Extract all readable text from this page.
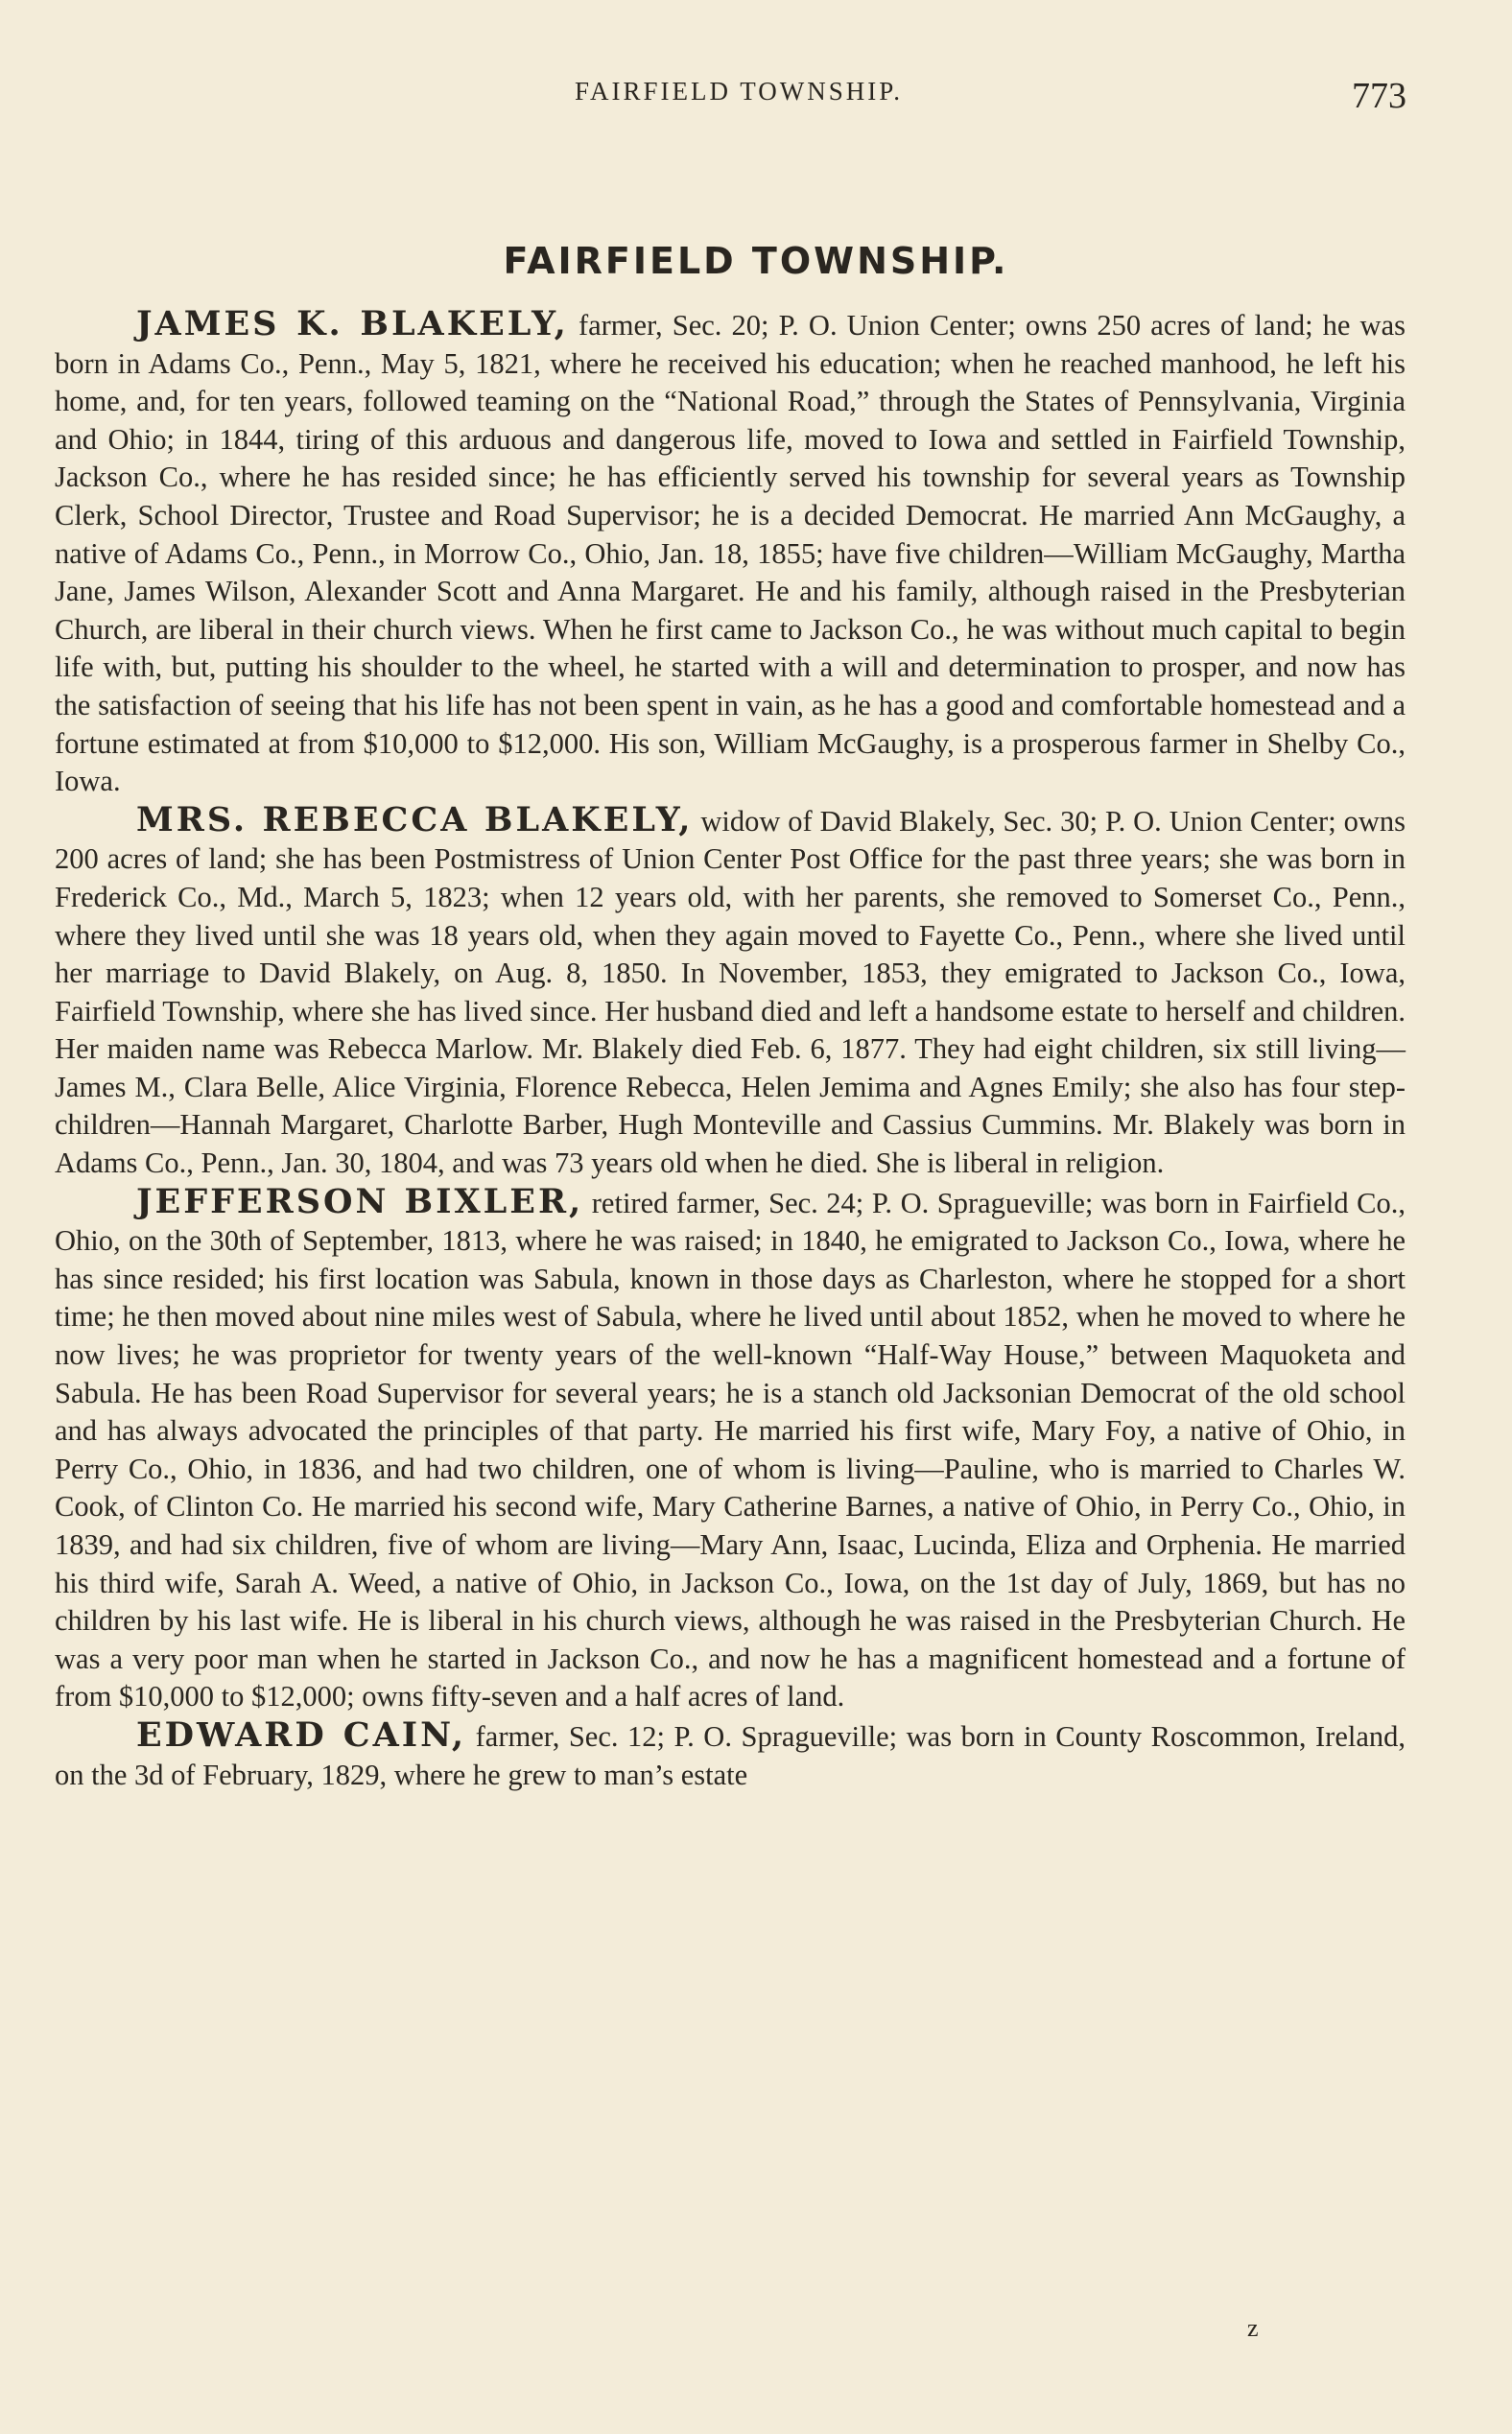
FAIRFIELD TOWNSHIP.	773
FAIRFIELD TOWNSHIP.

JAMES K. BLAKELY, farmer, Sec. 20; P. O. Union Center; owns 250 acres of land; he was born in Adams Co., Penn., May 5, 1821, where he received his education; when he reached manhood, he left his home, and, for ten years, followed teaming on the “National Road,” through the States of Pennsylvania, Virginia and Ohio; in 1844, tiring of this arduous and dangerous life, moved to Iowa and settled in Fairfield Township, Jackson Co., where he has resided since; he has efficiently served his township for several years as Township Clerk, School Director, Trustee and Road Supervisor; he is a decided Democrat. He married Ann McGaughy, a native of Adams Co., Penn., in Morrow Co., Ohio, Jan. 18, 1855; have five children—William McGaughy, Martha Jane, James Wilson, Alexander Scott and Anna Margaret. He and his family, although raised in the Presbyterian Church, are liberal in their church views. When he first came to Jackson Co., he was without much capital to begin life with, but, putting his shoulder to the wheel, he started with a will and determination to prosper, and now has the satisfaction of seeing that his life has not been spent in vain, as he has a good and comfortable homestead and a fortune estimated at from $10,000 to $12,000. His son, William McGaughy, is a prosperous farmer in Shelby Co., Iowa.

MRS. REBECCA BLAKELY, widow of David Blakely, Sec. 30; P. O. Union Center; owns 200 acres of land; she has been Postmistress of Union Center Post Office for the past three years; she was born in Frederick Co., Md., March 5, 1823; when 12 years old, with her parents, she removed to Somerset Co., Penn., where they lived until she was 18 years old, when they again moved to Fayette Co., Penn., where she lived until her marriage to David Blakely, on Aug. 8, 1850. In November, 1853, they emigrated to Jackson Co., Iowa, Fairfield Township, where she has lived since. Her husband died and left a handsome estate to herself and children. Her maiden name was Rebecca Marlow. Mr. Blakely died Feb. 6, 1877. They had eight children, six still living—James M., Clara Belle, Alice Virginia, Florence Rebecca, Helen Jemima and Agnes Emily; she also has four step-children—Hannah Margaret, Charlotte Barber, Hugh Monteville and Cassius Cummins. Mr. Blakely was born in Adams Co., Penn., Jan. 30, 1804, and was 73 years old when he died. She is liberal in religion.

JEFFERSON BIXLER, retired farmer, Sec. 24; P. O. Spragueville; was born in Fairfield Co., Ohio, on the 30th of September, 1813, where he was raised; in 1840, he emigrated to Jackson Co., Iowa, where he has since resided; his first location was Sabula, known in those days as Charleston, where he stopped for a short time; he then moved about nine miles west of Sabula, where he lived until about 1852, when he moved to where he now lives; he was proprietor for twenty years of the well-known “Half-Way House,” between Maquoketa and Sabula. He has been Road Supervisor for several years; he is a stanch old Jacksonian Democrat of the old school and has always advocated the principles of that party. He married his first wife, Mary Foy, a native of Ohio, in Perry Co., Ohio, in 1836, and had two children, one of whom is living—Pauline, who is married to Charles W. Cook, of Clinton Co. He married his second wife, Mary Catherine Barnes, a native of Ohio, in Perry Co., Ohio, in 1839, and had six children, five of whom are living—Mary Ann, Isaac, Lucinda, Eliza and Orphenia. He married his third wife, Sarah A. Weed, a native of Ohio, in Jackson Co., Iowa, on the 1st day of July, 1869, but has no children by his last wife. He is liberal in his church views, although he was raised in the Presbyterian Church. He was a very poor man when he started in Jackson Co., and now he has a magnificent homestead and a fortune of from $10,000 to $12,000; owns fifty-seven and a half acres of land.

EDWARD CAIN, farmer, Sec. 12; P. O. Spragueville; was born in County Roscommon, Ireland, on the 3d of February, 1829, where he grew to man’s estate

z
